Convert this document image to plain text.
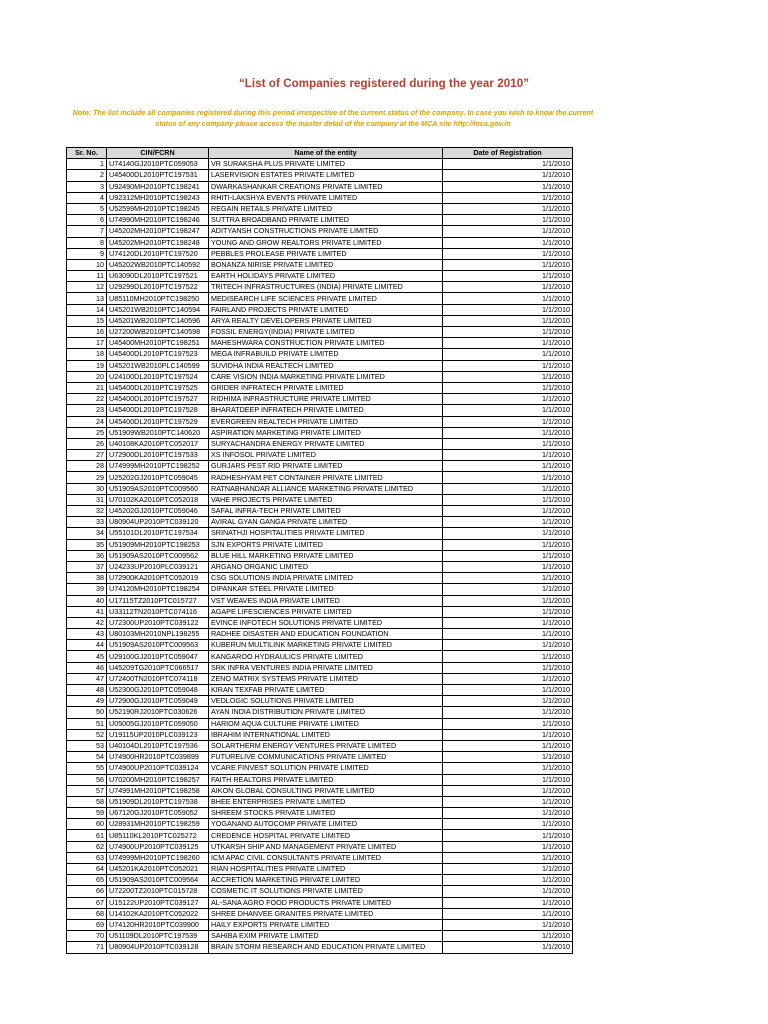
“List of Companies registered during the year 2010”
Note: The list include all companies registered during this period irrespective of the current status of the company. In case you wish to know the current status of any company please access the master detail of the company at the MCA site http://mca.gov.in
Sr. No.	CIN/FCRN	Name of the entity	Date of Registration
1	U74140GJ2010PTC059053	VR SURAKSHA PLUS PRIVATE LIMITED	1/1/2010
2	U45400DL2010PTC197531	LASERVISION ESTATES PRIVATE LIMITED	1/1/2010
3	U92490MH2010PTC198241	DWARKASHANKAR CREATIONS PRIVATE LIMITED	1/1/2010
4	U92312MH2010PTC198243	RHITI-LAKSHYA EVENTS PRIVATE LIMITED	1/1/2010
5	U52599MH2010PTC198245	REGAIN RETAILS PRIVATE LIMITED	1/1/2010
6	U74990MH2010PTC198246	SUTTRA BROADBAND PRIVATE LIMITED	1/1/2010
7	U45202MH2010PTC198247	ADITYANSH CONSTRUCTIONS PRIVATE LIMITED	1/1/2010
8	U45202MH2010PTC198248	YOUNG AND GROW REALTORS PRIVATE LIMITED	1/1/2010
9	U74120DL2010PTC197520	PEBBLES PROLEASE PRIVATE LIMITED	1/1/2010
10	U45202WB2010PTC140592	BONANZA NIRISE PRIVATE LIMITED	1/1/2010
11	U63090DL2010PTC197521	EARTH HOLIDAYS PRIVATE LIMITED	1/1/2010
12	U29299DL2010PTC197522	TRITECH INFRASTRUCTURES (INDIA) PRIVATE LIMITED	1/1/2010
13	U85110MH2010PTC198250	MEDISEARCH LIFE SCIENCES PRIVATE LIMITED	1/1/2010
14	U45201WB2010PTC140594	FAIRLAND PROJECTS PRIVATE LIMITED	1/1/2010
15	U45201WB2010PTC140596	ARYA REALTY DEVELOPERS PRIVATE LIMITED	1/1/2010
16	U27200WB2010PTC140598	FOSSIL ENERGY(INDIA) PRIVATE LIMITED	1/1/2010
17	U45400MH2010PTC198251	MAHESHWARA CONSTRUCTION PRIVATE LIMITED	1/1/2010
18	U45400DL2010PTC197523	MEGA INFRABUILD PRIVATE LIMITED	1/1/2010
19	U45201WB2010PLC140599	SUVIDHA INDIA REALTECH LIMITED	1/1/2010
20	U24100DL2010PTC197524	CARE VISION INDIA MARKETING PRIVATE LIMITED	1/1/2010
21	U45400DL2010PTC197525	GRIDER INFRATECH PRIVATE LIMITED	1/1/2010
22	U45400DL2010PTC197527	RIDHIMA INFRASTRUCTURE PRIVATE LIMITED	1/1/2010
23	U45400DL2010PTC197528	BHARATDEEP INFRATECH PRIVATE LIMITED	1/1/2010
24	U45400DL2010PTC197529	EVERGREEN REALTECH PRIVATE LIMITED	1/1/2010
25	U51909WB2010PTC140620	ASPIRATION MARKETING PRIVATE LIMITED	1/1/2010
26	U40108KA2010PTC052017	SURYACHANDRA ENERGY PRIVATE LIMITED	1/1/2010
27	U72900DL2010PTC197533	XS INFOSOL PRIVATE LIMITED	1/1/2010
28	U74999MH2010PTC198252	GURJARS PEST RID PRIVATE LIMITED	1/1/2010
29	U25202GJ2010PTC059045	RADHESHYAM PET CONTAINER PRIVATE LIMITED	1/1/2010
30	U51909AS2010PTC009560	RATNABHANDAR ALLIANCE MARKETING PRIVATE LIMITED	1/1/2010
31	U70102KA2010PTC052018	VAHE PROJECTS PRIVATE LIMITED	1/1/2010
32	U45202GJ2010PTC059046	SAFAL INFRA-TECH PRIVATE LIMITED	1/1/2010
33	U80904UP2010PTC039120	AVIRAL GYAN GANGA PRIVATE LIMITED	1/1/2010
34	U55101DL2010PTC197534	SRINATHJI HOSPITALITIES PRIVATE LIMITED	1/1/2010
35	U51909MH2010PTC198253	SJN EXPORTS PRIVATE LIMITED	1/1/2010
36	U51909AS2010PTC009562	BLUE HILL MARKETING PRIVATE LIMITED	1/1/2010
37	U24233UP2010PLC039121	ARGANO ORGANIC LIMITED	1/1/2010
38	U72900KA2010PTC052019	CSG SOLUTIONS INDIA PRIVATE LIMITED	1/1/2010
39	U74120MH2010PTC198254	DIPANKAR STEEL PRIVATE LIMITED	1/1/2010
40	U17115TZ2010PTC015727	VST WEAVES INDIA PRIVATE LIMITED	1/1/2010
41	U33112TN2010PTC074116	AGAPE LIFESCIENCES PRIVATE LIMITED	1/1/2010
42	U72300UP2010PTC039122	EVINCE INFOTECH SOLUTIONS PRIVATE LIMITED	1/1/2010
43	U80103MH2010NPL198255	RADHEE DISASTER AND EDUCATION FOUNDATION	1/1/2010
44	U51909AS2010PTC009563	KUBERUN MULTILINK MARKETING PRIVATE LIMITED	1/1/2010
45	U29100GJ2010PTC059047	KANGAROO HYDRAULICS PRIVATE LIMITED	1/1/2010
46	U45209TG2010PTC066517	SRK INFRA VENTURES INDIA PRIVATE LIMITED	1/1/2010
47	U72400TN2010PTC074118	ZENO MATRIX SYSTEMS PRIVATE LIMITED	1/1/2010
48	U52300GJ2010PTC059048	KIRAN TEXFAB PRIVATE LIMITED	1/1/2010
49	U72900GJ2010PTC059049	VEDLOGIC SOLUTIONS PRIVATE LIMITED	1/1/2010
50	U52190RJ2010PTC030626	AYAN INDIA DISTRIBUTION PRIVATE LIMITED	1/1/2010
51	U05005GJ2010PTC059050	HARIOM AQUA CULTURE PRIVATE LIMITED	1/1/2010
52	U19115UP2010PLC039123	IBRAHIM INTERNATIONAL LIMITED	1/1/2010
53	U40104DL2010PTC197536	SOLARTHERM ENERGY VENTURES PRIVATE LIMITED	1/1/2010
54	U74900HR2010PTC039899	FUTURELIVE COMMUNICATIONS PRIVATE LIMITED	1/1/2010
55	U74900UP2010PTC039124	VCARE FINVEST SOLUTION PRIVATE LIMITED	1/1/2010
56	U70200MH2010PTC198257	FAITH REALTORS PRIVATE LIMITED	1/1/2010
57	U74991MH2010PTC198258	AIKON GLOBAL CONSULTING PRIVATE LIMITED	1/1/2010
58	U51909DL2010PTC197538	BHEE ENTERPRISES PRIVATE LIMITED	1/1/2010
59	U67120GJ2010PTC059052	SHREEM STOCKS PRIVATE LIMITED	1/1/2010
60	U28931MH2010PTC198259	YOGANAND AUTOCOMP PRIVATE LIMITED	1/1/2010
61	U85110KL2010PTC025272	CREDENCE HOSPITAL PRIVATE LIMITED	1/1/2010
62	U74900UP2010PTC039125	UTKARSH SHIP AND MANAGEMENT PRIVATE LIMITED	1/1/2010
63	U74999MH2010PTC198260	ICM APAC CIVIL CONSULTANTS PRIVATE LIMITED	1/1/2010
64	U45201KA2010PTC052021	RIAN HOSPITALITIES PRIVATE LIMITED	1/1/2010
65	U51909AS2010PTC009564	ACCRETION MARKETING PRIVATE LIMITED	1/1/2010
66	U72200TZ2010PTC015728	COSMETIC IT SOLUTIONS PRIVATE LIMITED	1/1/2010
67	U15122UP2010PTC039127	AL-SANA AGRO FOOD PRODUCTS PRIVATE LIMITED	1/1/2010
68	U14102KA2010PTC052022	SHREE DHANVEE GRANITES PRIVATE LIMITED	1/1/2010
69	U74120HR2010PTC039900	HAILY EXPORTS PRIVATE LIMITED	1/1/2010
70	U51109DL2010PTC197539	SAHIBA EXIM PRIVATE LIMITED	1/1/2010
71	U80904UP2010PTC039128	BRAIN STORM RESEARCH AND EDUCATION PRIVATE LIMITED	1/1/2010
